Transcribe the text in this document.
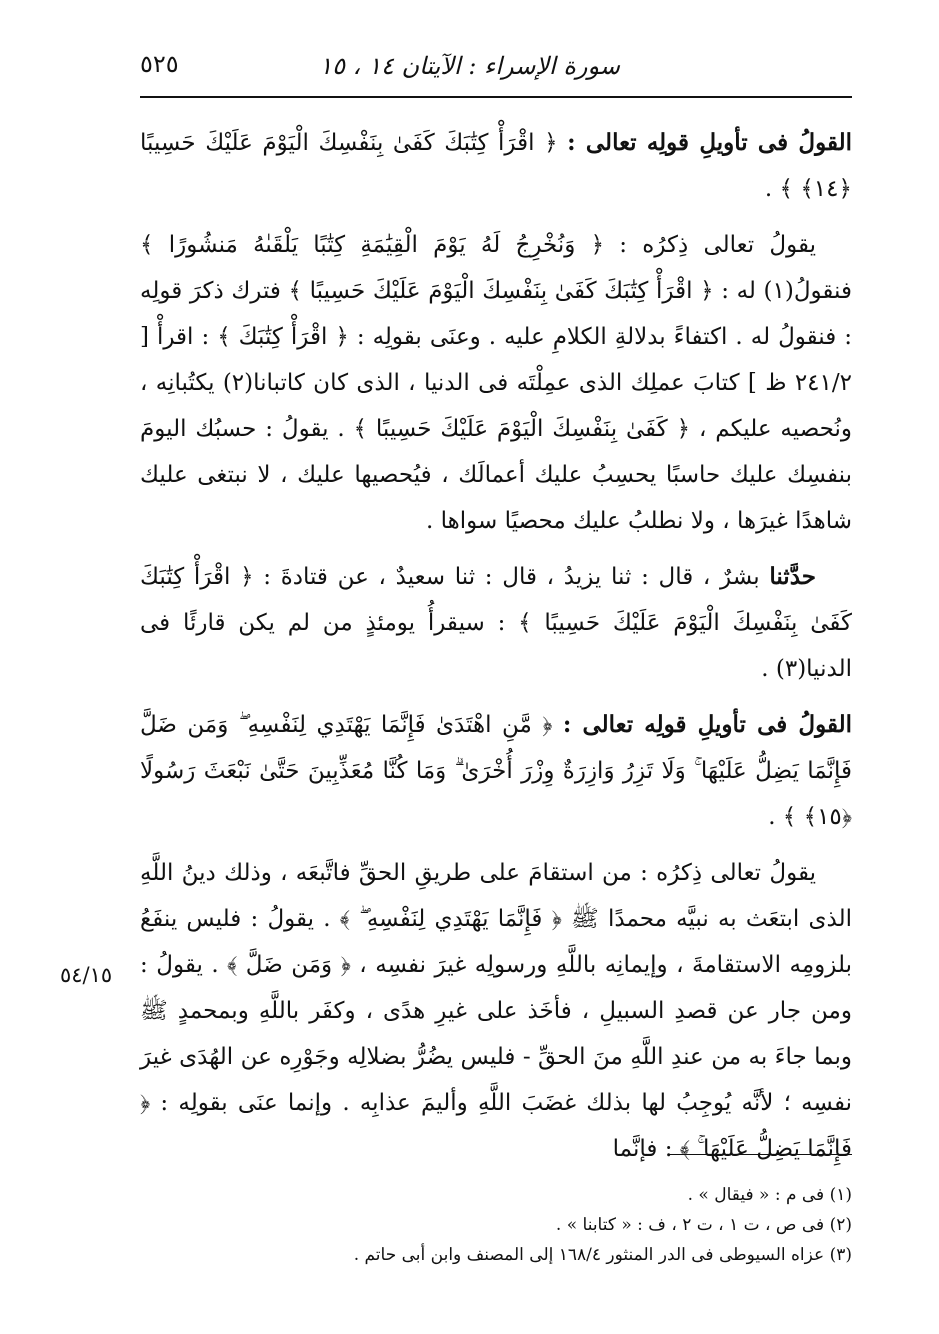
٥٢٥	سورة الإسراء : الآيتان ١٤ ، ١٥

القولُ فى تأويلِ قولِه تعالى : ﴿ اقْرَأْ كِتَٰبَكَ كَفَىٰ بِنَفْسِكَ الْيَوْمَ عَلَيْكَ حَسِيبًا ﴿١٤﴾ ﴾ .

يقولُ تعالى ذِكرُه : ﴿ وَنُخْرِجُ لَهُ يَوْمَ الْقِيَٰمَةِ كِتَٰبًا يَلْقَىٰهُ مَنشُورًا ﴾ فنقولُ(١) له : ﴿ اقْرَأْ كِتَٰبَكَ كَفَىٰ بِنَفْسِكَ الْيَوْمَ عَلَيْكَ حَسِيبًا ﴾ فترك ذكرَ قولِه : فنقولُ له . اكتفاءً بدلالةِ الكلامِ عليه . وعنَى بقولِه : ﴿ اقْرَأْ كِتَٰبَكَ ﴾ : اقرأْ [ ٢٤١/٢ ظ ] كتابَ عملِك الذى عمِلْتَه فى الدنيا ، الذى كان كاتبانا(٢) يكتُبانِه ، ونُحصيه عليكم ، ﴿ كَفَىٰ بِنَفْسِكَ الْيَوْمَ عَلَيْكَ حَسِيبًا ﴾ . يقولُ : حسبُك اليومَ بنفسِك عليك حاسبًا يحسِبُ عليك أعمالَك ، فيُحصيها عليك ، لا نبتغى عليك شاهدًا غيرَها ، ولا نطلبُ عليك محصيًا سواها .

حدَّثنا بشرٌ ، قال : ثنا يزيدُ ، قال : ثنا سعيدٌ ، عن قتادةَ : ﴿ اقْرَأْ كِتَٰبَكَ كَفَىٰ بِنَفْسِكَ الْيَوْمَ عَلَيْكَ حَسِيبًا ﴾ : سيقرأُ يومئذٍ من لم يكن قارئًا فى الدنيا(٣) .

القولُ فى تأويلِ قولِه تعالى : ﴿ مَّنِ اهْتَدَىٰ فَإِنَّمَا يَهْتَدِي لِنَفْسِهِ ۖ وَمَن ضَلَّ فَإِنَّمَا يَضِلُّ عَلَيْهَا ۚ وَلَا تَزِرُ وَازِرَةٌ وِزْرَ أُخْرَىٰ ۗ وَمَا كُنَّا مُعَذِّبِينَ حَتَّىٰ نَبْعَثَ رَسُولًا ﴿١٥﴾ ﴾ .

يقولُ تعالى ذِكرُه : من استقامَ على طريقِ الحقِّ فاتَّبعَه ، وذلك دينُ اللَّهِ الذى ابتعَث به نبيَّه محمدًا ﷺ ﴿ فَإِنَّمَا يَهْتَدِي لِنَفْسِهِ ۖ ﴾ . يقولُ : فليس ينفَعُ بلزومِه الاستقامةَ ، وإيمانِه باللَّهِ ورسولِه غيرَ نفسِه ، ﴿ وَمَن ضَلَّ ﴾ . يقولُ : ومن جار عن قصدِ السبيلِ ، فأخَذ على غيرِ هدًى ، وكفَر باللَّهِ وبمحمدٍ ﷺ وبما جاءَ به من عندِ اللَّهِ منَ الحقِّ - فليس يضُرُّ بضلالِه وجَوْرِه عن الهُدَى غيرَ نفسِه ؛ لأنَّه يُوجِبُ لها بذلك غضَبَ اللَّهِ وأليمَ عذابِه . وإنما عنَى بقولِه : ﴿ فَإِنَّمَا يَضِلُّ عَلَيْهَا ۚ ﴾ : فإنَّما

٥٤/١٥

(١) فى م : « فيقال » .

(٢) فى ص ، ت ١ ، ت ٢ ، ف : « كتابنا » .

(٣) عزاه السيوطى فى الدر المنثور ١٦٨/٤ إلى المصنف وابن أبى حاتم .
